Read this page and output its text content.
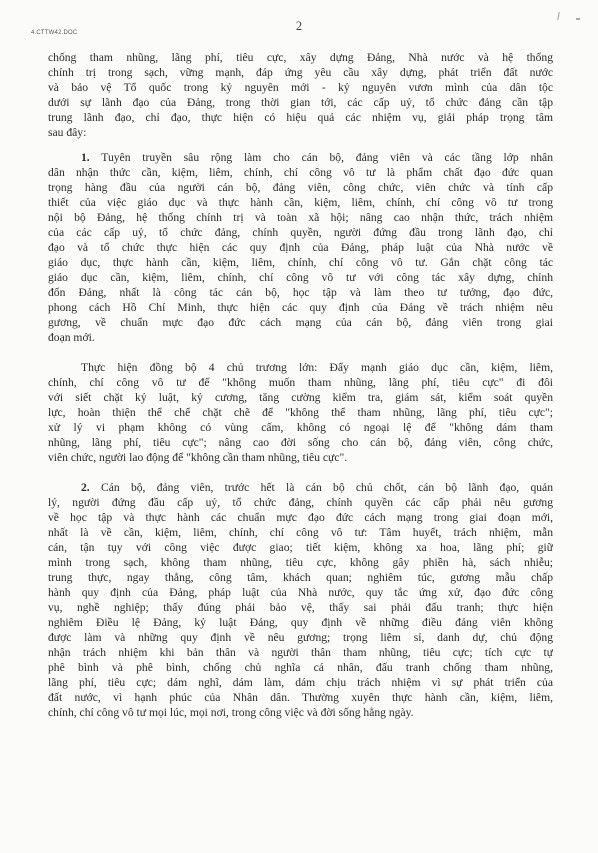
4.CTTW42.DOC	2
chống tham nhũng, lãng phí, tiêu cực, xây dựng Đảng, Nhà nước và hệ thống
chính trị trong sạch, vững mạnh, đáp ứng yêu cầu xây dựng, phát triển đất nước
và bảo vệ Tổ quốc trong kỷ nguyên mới - kỷ nguyên vươn mình của dân tộc
dưới sự lãnh đạo của Đảng, trong thời gian tới, các cấp uỷ, tổ chức đảng cần tập
trung lãnh đạo, chỉ đạo, thực hiện có hiệu quả các nhiệm vụ, giải pháp trọng tâm
sau đây:
1. Tuyên truyền sâu rộng làm cho cán bộ, đảng viên và các tầng lớp nhân
dân nhận thức cần, kiệm, liêm, chính, chí công vô tư là phẩm chất đạo đức quan
trọng hàng đầu của người cán bộ, đảng viên, công chức, viên chức và tính cấp
thiết của việc giáo dục và thực hành cần, kiệm, liêm, chính, chí công vô tư trong
nội bộ Đảng, hệ thống chính trị và toàn xã hội; nâng cao nhận thức, trách nhiệm
của các cấp uỷ, tổ chức đảng, chính quyền, người đứng đầu trong lãnh đạo, chỉ
đạo và tổ chức thực hiện các quy định của Đảng, pháp luật của Nhà nước về
giáo dục, thực hành cần, kiệm, liêm, chính, chí công vô tư. Gắn chặt công tác
giáo dục cần, kiệm, liêm, chính, chí công vô tư với công tác xây dựng, chỉnh
đốn Đảng, nhất là công tác cán bộ, học tập và làm theo tư tưởng, đạo đức,
phong cách Hồ Chí Minh, thực hiện các quy định của Đảng về trách nhiệm nêu
gương, về chuẩn mực đạo đức cách mạng của cán bộ, đảng viên trong giai
đoạn mới.
Thực hiện đồng bộ 4 chủ trương lớn: Đẩy mạnh giáo dục cần, kiệm, liêm,
chính, chí công vô tư để "không muốn tham nhũng, lãng phí, tiêu cực" đi đôi
với siết chặt kỷ luật, kỷ cương, tăng cường kiểm tra, giám sát, kiểm soát quyền
lực, hoàn thiện thể chế chặt chẽ để "không thể tham nhũng, lãng phí, tiêu cực";
xử lý vi phạm không có vùng cấm, không có ngoại lệ để "không dám tham
nhũng, lãng phí, tiêu cực"; nâng cao đời sống cho cán bộ, đảng viên, công chức,
viên chức, người lao động để "không cần tham nhũng, tiêu cực".
2. Cán bộ, đảng viên, trước hết là cán bộ chủ chốt, cán bộ lãnh đạo, quản
lý, người đứng đầu cấp uỷ, tổ chức đảng, chính quyền các cấp phải nêu gương
về học tập và thực hành các chuẩn mực đạo đức cách mạng trong giai đoạn mới,
nhất là về cần, kiệm, liêm, chính, chí công vô tư: Tâm huyết, trách nhiệm, mẫn
cán, tận tụy với công việc được giao; tiết kiệm, không xa hoa, lãng phí; giữ
mình trong sạch, không tham nhũng, tiêu cực, không gây phiền hà, sách nhiễu;
trung thực, ngay thẳng, công tâm, khách quan; nghiêm túc, gương mẫu chấp
hành quy định của Đảng, pháp luật của Nhà nước, quy tắc ứng xử, đạo đức công
vụ, nghề nghiệp; thấy đúng phải bảo vệ, thấy sai phải đấu tranh; thực hiện
nghiêm Điều lệ Đảng, kỷ luật Đảng, quy định về những điều đảng viên không
được làm và những quy định về nêu gương; trọng liêm sỉ, danh dự, chủ động
nhận trách nhiệm khi bản thân và người thân tham nhũng, tiêu cực; tích cực tự
phê bình và phê bình, chống chủ nghĩa cá nhân, đấu tranh chống tham nhũng,
lãng phí, tiêu cực; dám nghĩ, dám làm, dám chịu trách nhiệm vì sự phát triển của
đất nước, vì hạnh phúc của Nhân dân. Thường xuyên thực hành cần, kiệm, liêm,
chính, chí công vô tư mọi lúc, mọi nơi, trong công việc và đời sống hằng ngày.
